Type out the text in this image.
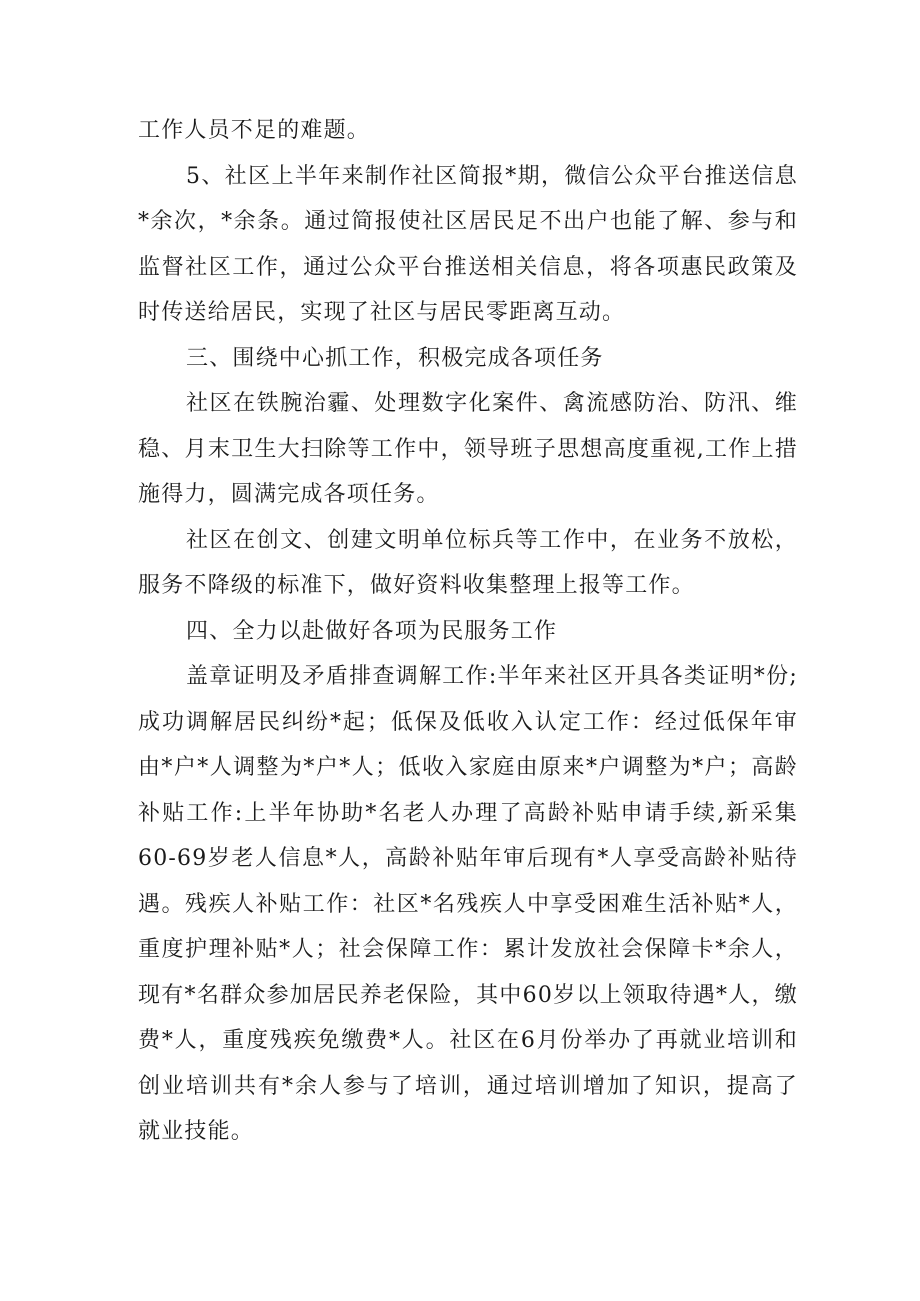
工作人员不足的难题。

5、社区上半年来制作社区简报*期，微信公众平台推送信息*余次，*余条。通过简报使社区居民足不出户也能了解、参与和监督社区工作，通过公众平台推送相关信息，将各项惠民政策及时传送给居民，实现了社区与居民零距离互动。

三、围绕中心抓工作，积极完成各项任务

社区在铁腕治霾、处理数字化案件、禽流感防治、防汛、维稳、月末卫生大扫除等工作中，领导班子思想高度重视,工作上措施得力，圆满完成各项任务。

社区在创文、创建文明单位标兵等工作中，在业务不放松，服务不降级的标准下，做好资料收集整理上报等工作。

四、全力以赴做好各项为民服务工作

盖章证明及矛盾排查调解工作:半年来社区开具各类证明*份;成功调解居民纠纷*起；低保及低收入认定工作：经过低保年审由*户*人调整为*户*人；低收入家庭由原来*户调整为*户；高龄补贴工作:上半年协助*名老人办理了高龄补贴申请手续,新采集60-69岁老人信息*人，高龄补贴年审后现有*人享受高龄补贴待遇。残疾人补贴工作：社区*名残疾人中享受困难生活补贴*人，重度护理补贴*人；社会保障工作：累计发放社会保障卡*余人，现有*名群众参加居民养老保险，其中60岁以上领取待遇*人，缴费*人，重度残疾免缴费*人。社区在6月份举办了再就业培训和创业培训共有*余人参与了培训，通过培训增加了知识，提高了就业技能。
